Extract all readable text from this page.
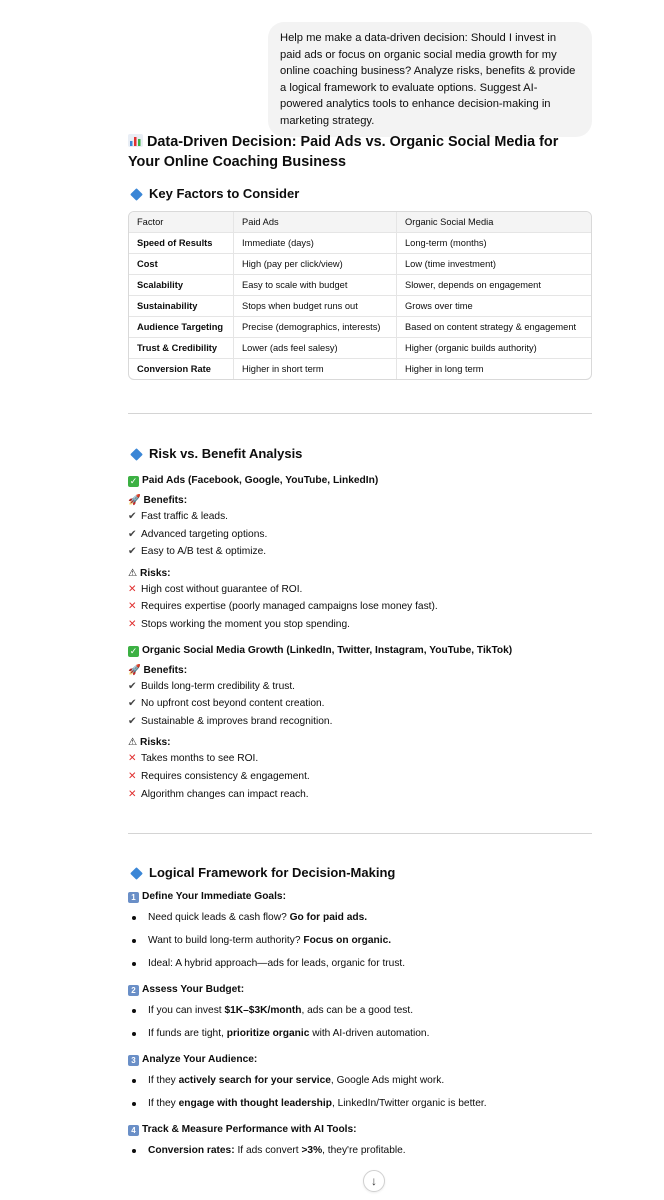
Help me make a data-driven decision: Should I invest in paid ads or focus on organic social media growth for my online coaching business? Analyze risks, benefits & provide a logical framework to evaluate options. Suggest AI-powered analytics tools to enhance decision-making in marketing strategy.
Data-Driven Decision: Paid Ads vs. Organic Social Media for Your Online Coaching Business
Key Factors to Consider
Factor	Paid Ads	Organic Social Media
Speed of Results	Immediate (days)	Long-term (months)
Cost	High (pay per click/view)	Low (time investment)
Scalability	Easy to scale with budget	Slower, depends on engagement
Sustainability	Stops when budget runs out	Grows over time
Audience Targeting	Precise (demographics, interests)	Based on content strategy & engagement
Trust & Credibility	Lower (ads feel salesy)	Higher (organic builds authority)
Conversion Rate	Higher in short term	Higher in long term
Risk vs. Benefit Analysis
✓ Paid Ads (Facebook, Google, YouTube, LinkedIn)
🚀 Benefits:
✔ Fast traffic & leads.
✔ Advanced targeting options.
✔ Easy to A/B test & optimize.
⚠ Risks:
✕ High cost without guarantee of ROI.
✕ Requires expertise (poorly managed campaigns lose money fast).
✕ Stops working the moment you stop spending.
✓ Organic Social Media Growth (LinkedIn, Twitter, Instagram, YouTube, TikTok)
🚀 Benefits:
✔ Builds long-term credibility & trust.
✔ No upfront cost beyond content creation.
✔ Sustainable & improves brand recognition.
⚠ Risks:
✕ Takes months to see ROI.
✕ Requires consistency & engagement.
✕ Algorithm changes can impact reach.
Logical Framework for Decision-Making
1 Define Your Immediate Goals:
Need quick leads & cash flow? Go for paid ads.
Want to build long-term authority? Focus on organic.
Ideal: A hybrid approach—ads for leads, organic for trust.
2 Assess Your Budget:
If you can invest $1K–$3K/month, ads can be a good test.
If funds are tight, prioritize organic with AI-driven automation.
3 Analyze Your Audience:
If they actively search for your service, Google Ads might work.
If they engage with thought leadership, LinkedIn/Twitter organic is better.
4 Track & Measure Performance with AI Tools:
Conversion rates: If ads convert >3%, they're profitable.
↓
